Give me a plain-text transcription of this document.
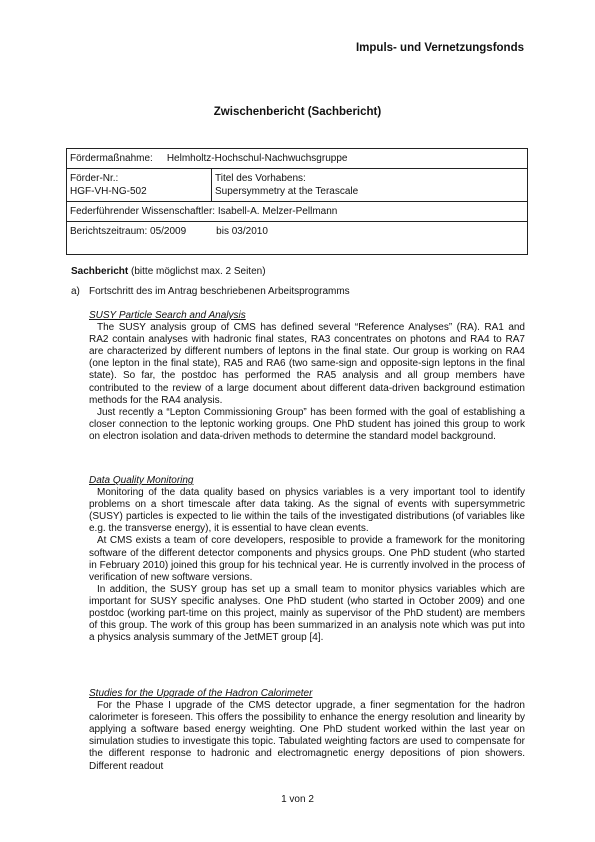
Impuls- und Vernetzungsfonds
Zwischenbericht (Sachbericht)
Fördermaßnahme: Helmholtz-Hochschul-Nachwuchsgruppe

Förder-Nr.:
HGF-VH-NG-502

Titel des Vorhabens:
Supersymmetry at the Terascale

Federführender Wissenschaftler: Isabell-A. Melzer-Pellmann
Berichtszeitraum: 05/2009	bis 03/2010
Sachbericht (bitte möglichst max. 2 Seiten)
a) Fortschritt des im Antrag beschriebenen Arbeitsprogramms

SUSY Particle Search and Analysis

The SUSY analysis group of CMS has defined several “Reference Analyses” (RA). RA1 and RA2 contain analyses with hadronic final states, RA3 concentrates on photons and RA4 to RA7 are characterized by different numbers of leptons in the final state. Our group is working on RA4 (one lepton in the final state), RA5 and RA6 (two same-sign and opposite-sign leptons in the final state). So far, the postdoc has performed the RA5 analysis and all group members have contributed to the review of a large document about different data-driven background estimation methods for the RA4 analysis.

Just recently a “Lepton Commissioning Group” has been formed with the goal of establishing a closer connection to the leptonic working groups. One PhD student has joined this group to work on electron isolation and data-driven methods to determine the standard model background.

Data Quality Monitoring

Monitoring of the data quality based on physics variables is a very important tool to identify problems on a short timescale after data taking. As the signal of events with supersymmetric (SUSY) particles is expected to lie within the tails of the investigated distributions (of variables like e.g. the transverse energy), it is essential to have clean events.

At CMS exists a team of core developers, resposible to provide a framework for the monitoring software of the different detector components and physics groups. One PhD student (who started in February 2010) joined this group for his technical year. He is currently involved in the process of verification of new software versions.

In addition, the SUSY group has set up a small team to monitor physics variables which are important for SUSY specific analyses. One PhD student (who started in October 2009) and one postdoc (working part-time on this project, mainly as supervisor of the PhD student) are members of this group. The work of this group has been summarized in an analysis note which was put into a physics analysis summary of the JetMET group [4].

Studies for the Upgrade of the Hadron Calorimeter

For the Phase I upgrade of the CMS detector upgrade, a finer segmentation for the hadron calorimeter is foreseen. This offers the possibility to enhance the energy resolution and linearity by applying a software based energy weighting. One PhD student worked within the last year on simulation studies to investigate this topic. Tabulated weighting factors are used to compensate for the different response to hadronic and electromagnetic energy depositions of pion showers. Different readout

1 von 2
